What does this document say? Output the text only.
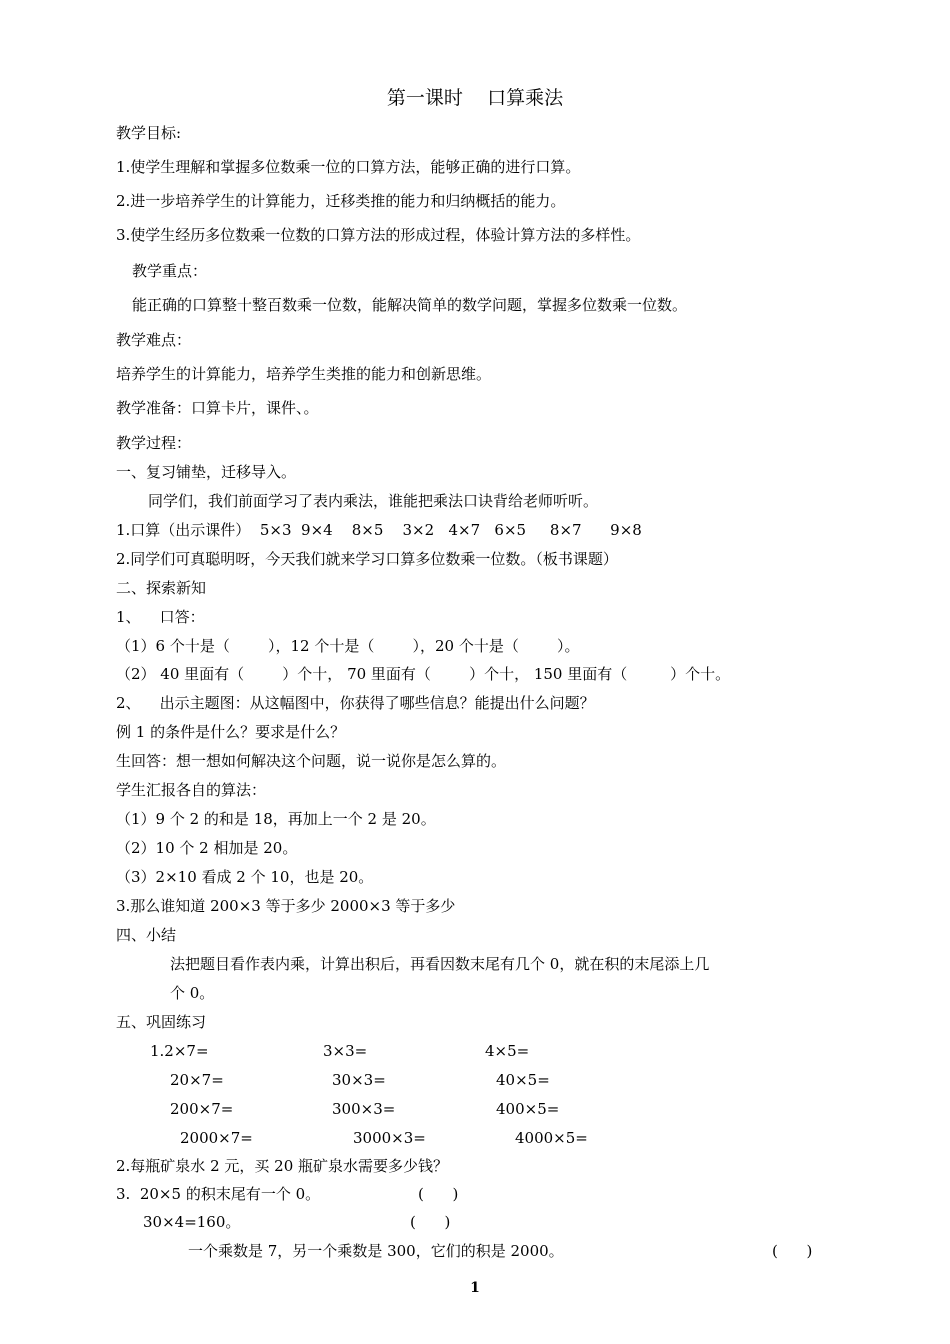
第一课时    口算乘法
教学目标:
1.使学生理解和掌握多位数乘一位的口算方法，能够正确的进行口算。
2.进一步培养学生的计算能力，迁移类推的能力和归纳概括的能力。
3.使学生经历多位数乘一位数的口算方法的形成过程，体验计算方法的多样性。
教学重点：
能正确的口算整十整百数乘一位数，能解决简单的数学问题，掌握多位数乘一位数。
教学难点：
培养学生的计算能力，培养学生类推的能力和创新思维。
教学准备：口算卡片，课件、。
教学过程：
一、复习铺垫，迁移导入。
同学们，我们前面学习了表内乘法，谁能把乘法口诀背给老师听听。
1.口算（出示课件）  5×3  9×4    8×5    3×2   4×7   6×5     8×7      9×8
2.同学们可真聪明呀，今天我们就来学习口算多位数乘一位数。（板书课题）
二、探索新知
1、    口答：
（1）6 个十是（        ），12 个十是（        ），20 个十是（        ）。
（2） 40 里面有（        ）个十， 70 里面有（        ）个十， 150 里面有（         ）个十。
2、    出示主题图：从这幅图中，你获得了哪些信息？能提出什么问题？
例 1 的条件是什么？要求是什么？
生回答：想一想如何解决这个问题，说一说你是怎么算的。
学生汇报各自的算法：
（1）9 个 2 的和是 18，再加上一个 2 是 20。
（2）10 个 2 相加是 20。
（3）2×10 看成 2 个 10，也是 20。
3.那么谁知道 200×3 等于多少 2000×3 等于多少
四、小结
法把题目看作表内乘，计算出积后，再看因数末尾有几个 0，就在积的末尾添上几
个 0。
五、巩固练习
1.2×7=	3×3=	4×5=
20×7=	30×3=	40×5=
200×7=	300×3=	400×5=
2000×7=	3000×3=	4000×5=
2.每瓶矿泉水 2 元，买 20 瓶矿泉水需要多少钱？
3.  20×5 的积末尾有一个 0。	(      )
30×4=160。	(      )
一个乘数是 7，另一个乘数是 300，它们的积是 2000。	(      )
1
